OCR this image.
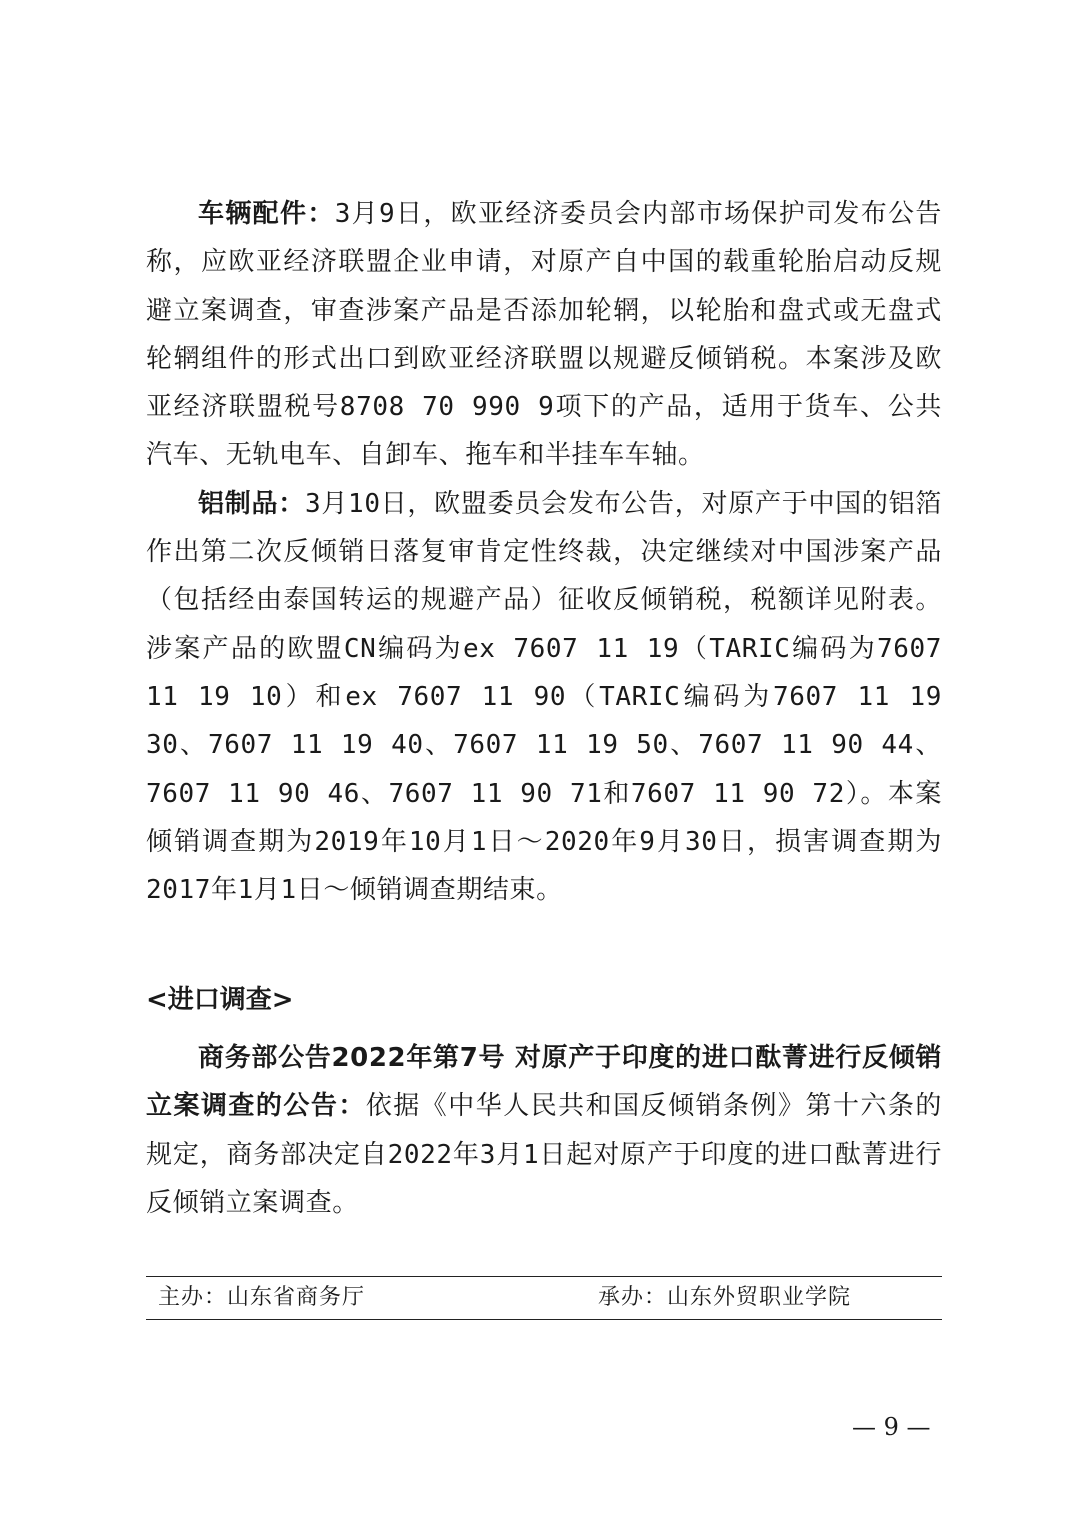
车辆配件：3月9日，欧亚经济委员会内部市场保护司发布公告称，应欧亚经济联盟企业申请，对原产自中国的载重轮胎启动反规避立案调查，审查涉案产品是否添加轮辋，以轮胎和盘式或无盘式轮辋组件的形式出口到欧亚经济联盟以规避反倾销税。本案涉及欧亚经济联盟税号8708 70 990 9项下的产品，适用于货车、公共汽车、无轨电车、自卸车、拖车和半挂车车轴。

铝制品：3月10日，欧盟委员会发布公告，对原产于中国的铝箔作出第二次反倾销日落复审肯定性终裁，决定继续对中国涉案产品（包括经由泰国转运的规避产品）征收反倾销税，税额详见附表。涉案产品的欧盟CN编码为ex 7607 11 19（TARIC编码为7607 11 19 10）和ex 7607 11 90（TARIC编码为7607 11 19 30、7607 11 19 40、7607 11 19 50、7607 11 90 44、7607 11 90 46、7607 11 90 71和7607 11 90 72）。本案倾销调查期为2019年10月1日～2020年9月30日，损害调查期为2017年1月1日～倾销调查期结束。

<进口调查>

商务部公告2022年第7号 对原产于印度的进口酞菁进行反倾销立案调查的公告：依据《中华人民共和国反倾销条例》第十六条的规定，商务部决定自2022年3月1日起对原产于印度的进口酞菁进行反倾销立案调查。

主办：山东省商务厅	承办：山东外贸职业学院
— 9 —
